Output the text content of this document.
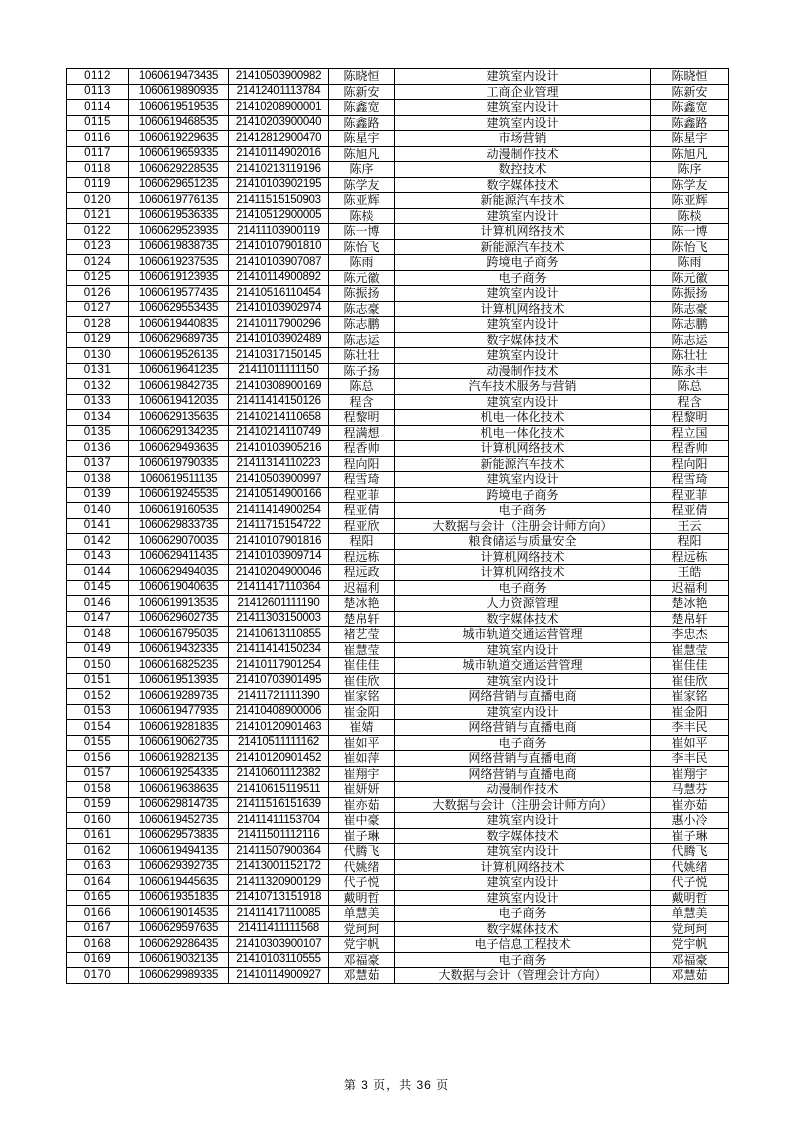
0112	1060619473435	21410503900982	陈晓恒	建筑室内设计	陈晓恒
0113	1060619890935	21412401113784	陈新安	工商企业管理	陈新安
0114	1060619519535	21410208900001	陈鑫宽	建筑室内设计	陈鑫宽
0115	1060619468535	21410203900040	陈鑫路	建筑室内设计	陈鑫路
0116	1060619229635	21412812900470	陈星宇	市场营销	陈星宇
0117	1060619659335	21410114902016	陈旭凡	动漫制作技术	陈旭凡
0118	1060629228535	21410213119196	陈序	数控技术	陈序
0119	1060629651235	21410103902195	陈学友	数字媒体技术	陈学友
0120	1060619776135	21411515150903	陈亚辉	新能源汽车技术	陈亚辉
0121	1060619536335	21410512900005	陈棪	建筑室内设计	陈棪
0122	1060629523935	21411103900119	陈一博	计算机网络技术	陈一博
0123	1060619838735	21410107901810	陈怡飞	新能源汽车技术	陈怡飞
0124	1060619237535	21410103907087	陈雨	跨境电子商务	陈雨
0125	1060619123935	21410114900892	陈元徽	电子商务	陈元徽
0126	1060619577435	21410516110454	陈振扬	建筑室内设计	陈振扬
0127	1060629553435	21410103902974	陈志豪	计算机网络技术	陈志豪
0128	1060619440835	21410117900296	陈志鹏	建筑室内设计	陈志鹏
0129	1060629689735	21410103902489	陈志运	数字媒体技术	陈志运
0130	1060619526135	21410317150145	陈壮壮	建筑室内设计	陈壮壮
0131	1060619641235	21411011111150	陈子扬	动漫制作技术	陈永丰
0132	1060619842735	21410308900169	陈总	汽车技术服务与营销	陈总
0133	1060619412035	21411414150126	程含	建筑室内设计	程含
0134	1060629135635	21410214110658	程黎明	机电一体化技术	程黎明
0135	1060629134235	21410214110749	程满想	机电一体化技术	程立国
0136	1060629493635	21410103905216	程香帅	计算机网络技术	程香帅
0137	1060619790335	21411314110223	程向阳	新能源汽车技术	程向阳
0138	1060619511135	21410503900997	程雪琦	建筑室内设计	程雪琦
0139	1060619245535	21410514900166	程亚菲	跨境电子商务	程亚菲
0140	1060619160535	21411414900254	程亚倩	电子商务	程亚倩
0141	1060629833735	21411715154722	程亚欣	大数据与会计（注册会计师方向）	王云
0142	1060629070035	21410107901816	程阳	粮食储运与质量安全	程阳
0143	1060629411435	21410103909714	程远栋	计算机网络技术	程远栋
0144	1060629494035	21410204900046	程远政	计算机网络技术	王皓
0145	1060619040635	21411417110364	迟福利	电子商务	迟福利
0146	1060619913535	21412601111190	楚冰艳	人力资源管理	楚冰艳
0147	1060629602735	21411303150003	楚帛轩	数字媒体技术	楚帛轩
0148	1060616795035	21410613110855	褚艺莹	城市轨道交通运营管理	李忠杰
0149	1060619432335	21411414150234	崔慧莹	建筑室内设计	崔慧莹
0150	1060616825235	21410117901254	崔佳佳	城市轨道交通运营管理	崔佳佳
0151	1060619513935	21410703901495	崔佳欣	建筑室内设计	崔佳欣
0152	1060619289735	21411721111390	崔家铭	网络营销与直播电商	崔家铭
0153	1060619477935	21410408900006	崔金阳	建筑室内设计	崔金阳
0154	1060619281835	21410120901463	崔婧	网络营销与直播电商	李丰民
0155	1060619062735	21410511111162	崔如平	电子商务	崔如平
0156	1060619282135	21410120901452	崔如萍	网络营销与直播电商	李丰民
0157	1060619254335	21410601112382	崔翔宇	网络营销与直播电商	崔翔宇
0158	1060619638635	21410615119511	崔妍妍	动漫制作技术	马慧芬
0159	1060629814735	21411516151639	崔亦茹	大数据与会计（注册会计师方向）	崔亦茹
0160	1060619452735	21411411153704	崔中豪	建筑室内设计	惠小冷
0161	1060629573835	21411501112116	崔子琳	数字媒体技术	崔子琳
0162	1060619494135	21411507900364	代腾飞	建筑室内设计	代腾飞
0163	1060629392735	21413001152172	代姚绪	计算机网络技术	代姚绪
0164	1060619445635	21411320900129	代子悦	建筑室内设计	代子悦
0165	1060619351835	21410713151918	戴明哲	建筑室内设计	戴明哲
0166	1060619014535	21411417110085	单慧美	电子商务	单慧美
0167	1060629597635	21411411111568	党珂珂	数字媒体技术	党珂珂
0168	1060629286435	21410303900107	党宇帆	电子信息工程技术	党宇帆
0169	1060619032135	21410103110555	邓福豪	电子商务	邓福豪
0170	1060629989335	21410114900927	邓慧茹	大数据与会计（管理会计方向）	邓慧茹
第 3 页，共 36 页
